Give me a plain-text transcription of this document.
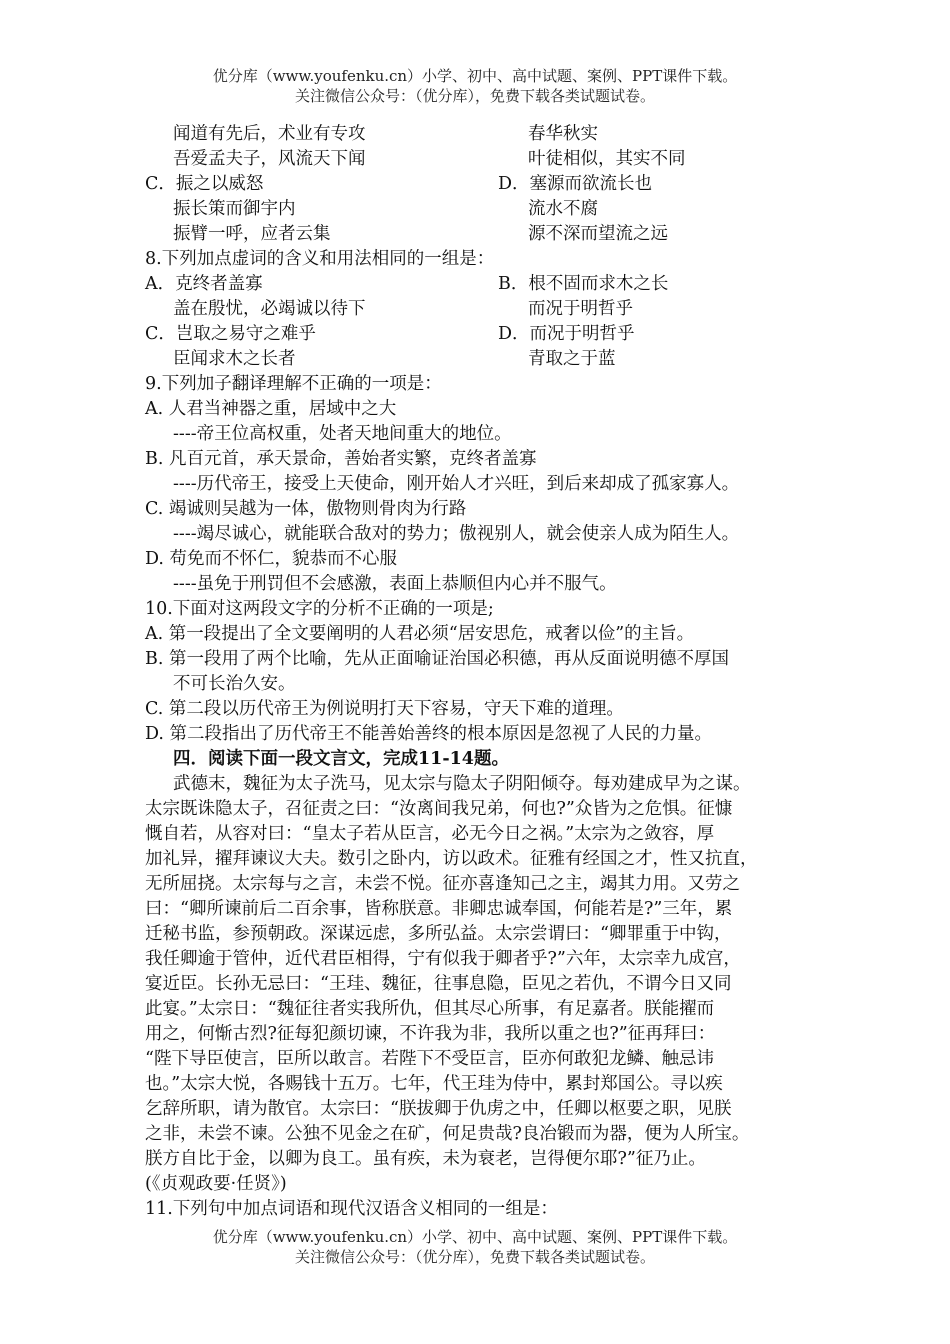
优分库（www.youfenku.cn）小学、初中、高中试题、案例、PPT课件下载。
关注微信公众号：（优分库），免费下载各类试题试卷。
闻道有先后，术业有专攻	春华秋实
吾爱孟夫子，风流天下闻	叶徒相似，其实不同
C．振之以威怒	D．塞源而欲流长也
振长策而御宇内	流水不腐
振臂一呼，应者云集	源不深而望流之远
8.下列加点虚词的含义和用法相同的一组是：
A．克终者盖寡	B．根不固而求木之长
盖在殷忧，必竭诚以待下	而况于明哲乎
C．岂取之易守之难乎	D．而况于明哲乎
臣闻求木之长者	青取之于蓝
9.下列加子翻译理解不正确的一项是：
A. 人君当神器之重，居域中之大
----帝王位高权重，处者天地间重大的地位。
B. 凡百元首，承天景命，善始者实繁，克终者盖寡
----历代帝王，接受上天使命，刚开始人才兴旺，到后来却成了孤家寡人。
C. 竭诚则吴越为一体，傲物则骨肉为行路
----竭尽诚心，就能联合敌对的势力；傲视别人，就会使亲人成为陌生人。
D. 苟免而不怀仁，貌恭而不心服
----虽免于刑罚但不会感激，表面上恭顺但内心并不服气。
10.下面对这两段文字的分析不正确的一项是;
A. 第一段提出了全文要阐明的人君必须“居安思危，戒奢以俭”的主旨。
B. 第一段用了两个比喻，先从正面喻证治国必积德，再从反面说明德不厚国
不可长治久安。
C. 第二段以历代帝王为例说明打天下容易，守天下难的道理。
D. 第二段指出了历代帝王不能善始善终的根本原因是忽视了人民的力量。
四．阅读下面一段文言文，完成11-14题。
武德末，魏征为太子洗马，见太宗与隐太子阴阳倾夺。每劝建成早为之谋。
太宗既诛隐太子，召征责之曰：“汝离间我兄弟，何也?”众皆为之危惧。征慷
慨自若，从容对曰：“皇太子若从臣言，必无今日之祸。”太宗为之敛容，厚
加礼异，擢拜谏议大夫。数引之卧内，访以政术。征雅有经国之才，性又抗直，
无所屈挠。太宗每与之言，未尝不悦。征亦喜逢知己之主，竭其力用。又劳之
曰：“卿所谏前后二百余事，皆称朕意。非卿忠诚奉国，何能若是?”三年，累
迁秘书监，参预朝政。深谋远虑，多所弘益。太宗尝谓曰：“卿罪重于中钩，
我任卿逾于管仲，近代君臣相得，宁有似我于卿者乎?”六年，太宗幸九成宫，
宴近臣。长孙无忌曰：“王珪、魏征，往事息隐，臣见之若仇，不谓今日又同
此宴。”太宗日：“魏征往者实我所仇，但其尽心所事，有足嘉者。朕能擢而
用之，何惭古烈?征每犯颜切谏，不许我为非，我所以重之也?”征再拜曰：
“陛下导臣使言，臣所以敢言。若陛下不受臣言，臣亦何敢犯龙鳞、触忌讳
也。”太宗大悦，各赐钱十五万。七年，代王珪为侍中，累封郑国公。寻以疾
乞辞所职，请为散官。太宗曰：“朕拔卿于仇虏之中，任卿以枢要之职，见朕
之非，未尝不谏。公独不见金之在矿，何足贵哉?良冶锻而为器，便为人所宝。
朕方自比于金，以卿为良工。虽有疾，未为衰老，岂得便尔耶?”征乃止。
(《贞观政要·任贤》)
11.下列句中加点词语和现代汉语含义相同的一组是：
优分库（www.youfenku.cn）小学、初中、高中试题、案例、PPT课件下载。
关注微信公众号：（优分库），免费下载各类试题试卷。
